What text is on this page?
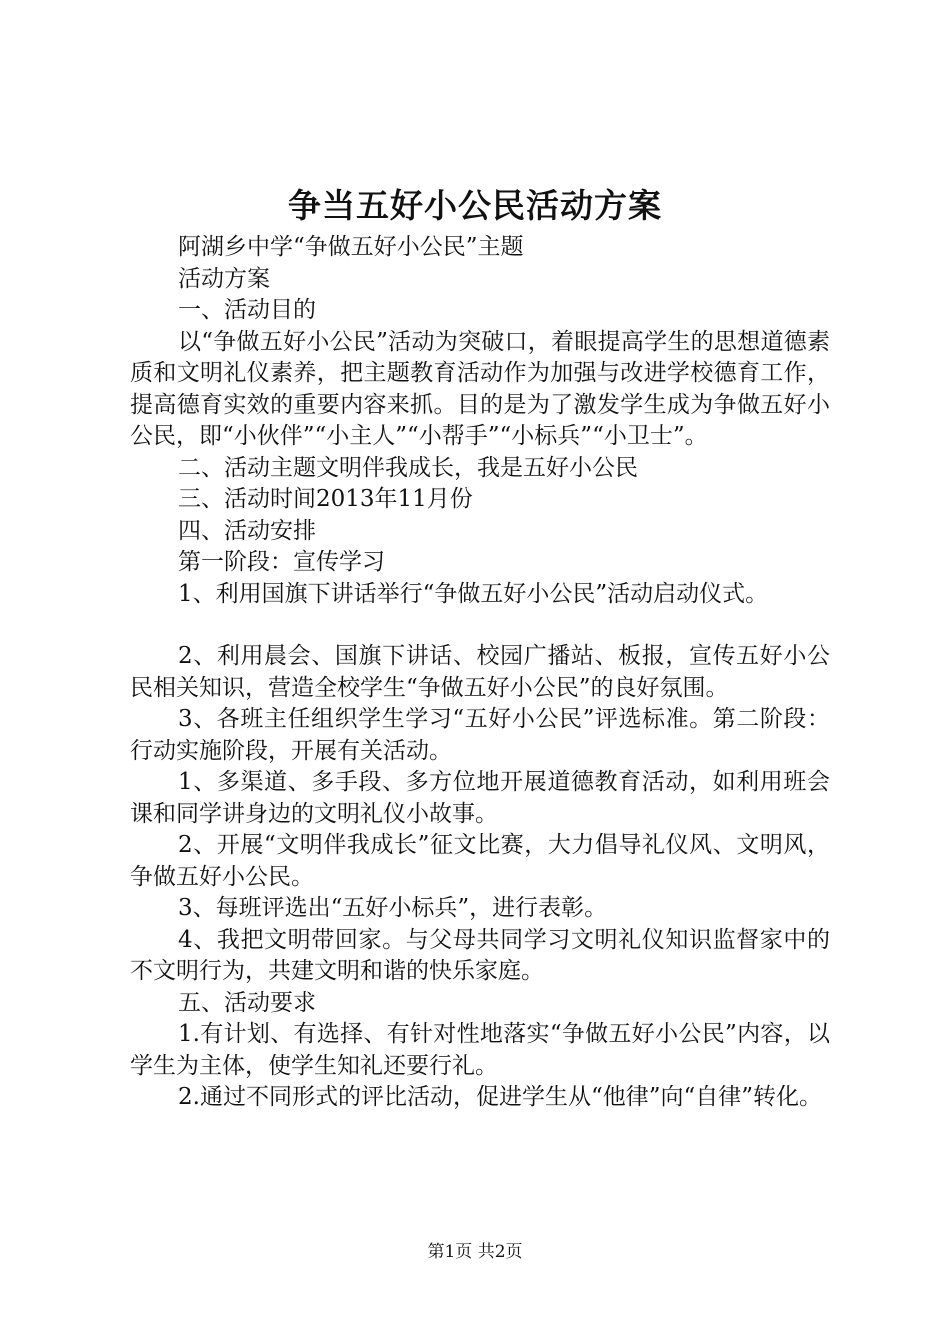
争当五好小公民活动方案

阿湖乡中学“争做五好小公民”主题

活动方案

一、活动目的

以“争做五好小公民”活动为突破口，着眼提高学生的思想道德素质和文明礼仪素养，把主题教育活动作为加强与改进学校德育工作，提高德育实效的重要内容来抓。目的是为了激发学生成为争做五好小公民，即“小伙伴”“小主人”“小帮手”“小标兵”“小卫士”。

二、活动主题文明伴我成长，我是五好小公民

三、活动时间2013年11月份

四、活动安排

第一阶段：宣传学习

1、利用国旗下讲话举行“争做五好小公民”活动启动仪式。

2、利用晨会、国旗下讲话、校园广播站、板报，宣传五好小公民相关知识，营造全校学生“争做五好小公民”的良好氛围。

3、各班主任组织学生学习“五好小公民”评选标准。第二阶段：行动实施阶段，开展有关活动。

1、多渠道、多手段、多方位地开展道德教育活动，如利用班会课和同学讲身边的文明礼仪小故事。

2、开展“文明伴我成长”征文比赛，大力倡导礼仪风、文明风，争做五好小公民。

3、每班评选出“五好小标兵”，进行表彰。

4、我把文明带回家。与父母共同学习文明礼仪知识监督家中的不文明行为，共建文明和谐的快乐家庭。

五、活动要求

1.有计划、有选择、有针对性地落实“争做五好小公民”内容，以学生为主体，使学生知礼还要行礼。

2.通过不同形式的评比活动，促进学生从“他律”向“自律”转化。

第1页 共2页
